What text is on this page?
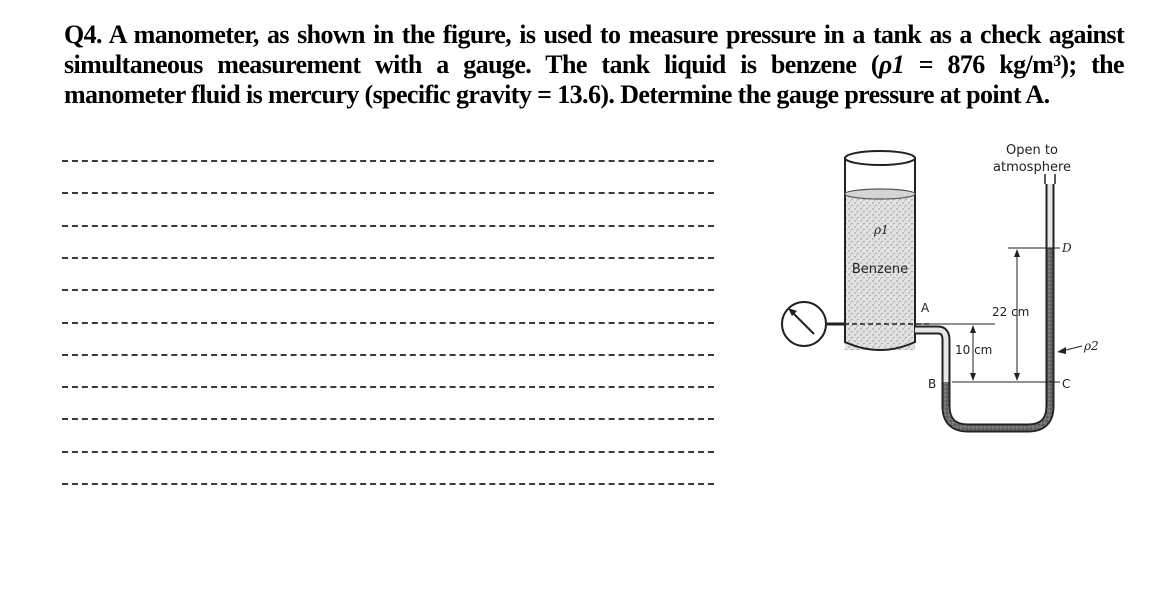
Q4. A manometer, as shown in the figure, is used to measure pressure in a tank as a check against simultaneous measurement with a gauge. The tank liquid is benzene (ρ1 = 876 kg/m³); the manometer fluid is mercury (specific gravity = 13.6). Determine the gauge pressure at point A.
Open to
atmosphere
ρ1
Benzene
A
B	C
D
22 cm
10 cm	ρ2
